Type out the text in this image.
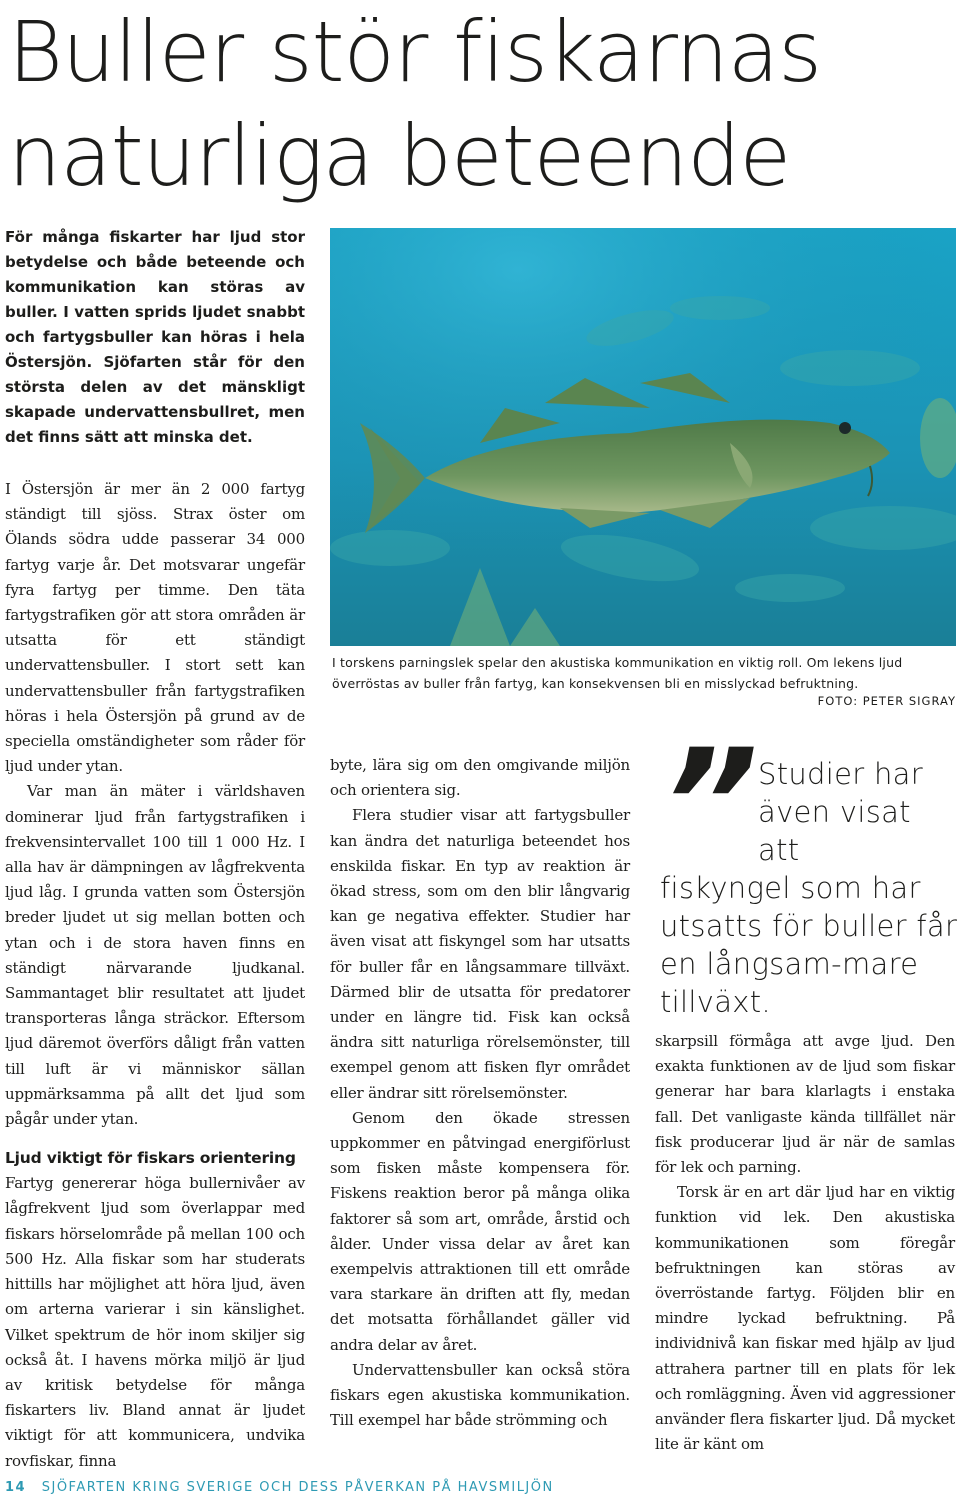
Buller stör fiskarnas naturliga beteende
För många fiskarter har ljud stor betydelse och både beteende och kommunikation kan störas av buller. I vatten sprids ljudet snabbt och fartygsbuller kan höras i hela Östersjön. Sjöfarten står för den största delen av det mänskligt skapade undervattensbullret, men det finns sätt att minska det.

I Östersjön är mer än 2 000 fartyg ständigt till sjöss. Strax öster om Ölands södra udde passerar 34 000 fartyg varje år. Det motsvarar ungefär fyra fartyg per timme. Den täta fartygstrafiken gör att stora områden är utsatta för ett ständigt undervattensbuller. I stort sett kan undervattensbuller från fartygstrafiken höras i hela Östersjön på grund av de speciella omständigheter som råder för ljud under ytan.

Var man än mäter i världshaven dominerar ljud från fartygstrafiken i frekvensintervallet 100 till 1 000 Hz. I alla hav är dämpningen av lågfrekventa ljud låg. I grunda vatten som Östersjön breder ljudet ut sig mellan botten och ytan och i de stora haven finns en ständigt närvarande ljudkanal. Sammantaget blir resultatet att ljudet transporteras långa sträckor. Eftersom ljud däremot överförs dåligt från vatten till luft är vi människor sällan uppmärksamma på allt det ljud som pågår under ytan.

Ljud viktigt för fiskars orientering

Fartyg genererar höga bullernivåer av lågfrekvent ljud som överlappar med fiskars hörselområde på mellan 100 och 500 Hz. Alla fiskar som har studerats hittills har möjlighet att höra ljud, även om arterna varierar i sin känslighet. Vilket spektrum de hör inom skiljer sig också åt. I havens mörka miljö är ljud av kritisk betydelse för många fiskarters liv. Bland annat är ljudet viktigt för att kommunicera, undvika rovfiskar, finna

I torskens parningslek spelar den akustiska kommunikation en viktig roll. Om lekens ljud överröstas av buller från fartyg, kan konsekvensen bli en misslyckad befruktning.
FOTO: PETER SIGRAY

byte, lära sig om den omgivande miljön och orientera sig.

Flera studier visar att fartygsbuller kan ändra det naturliga beteendet hos enskilda fiskar. En typ av reaktion är ökad stress, som om den blir långvarig kan ge negativa effekter. Studier har även visat att fiskyngel som har utsatts för buller får en långsammare tillväxt. Därmed blir de utsatta för predatorer under en längre tid. Fisk kan också ändra sitt naturliga rörelsemönster, till exempel genom att fisken flyr området eller ändrar sitt rörelsemönster.

Genom den ökade stressen uppkommer en påtvingad energiförlust som fisken måste kompensera för. Fiskens reaktion beror på många olika faktorer så som art, område, årstid och ålder. Under vissa delar av året kan exempelvis attraktionen till ett område vara starkare än driften att fly, medan det motsatta förhållandet gäller vid andra delar av året.

Undervattensbuller kan också störa fiskars egen akustiska kommunikation. Till exempel har både strömming och

” Studier har
även visat att
fiskyngel som har utsatts för buller får en långsam-mare tillväxt.

skarpsill förmåga att avge ljud. Den exakta funktionen av de ljud som fiskar generar har bara klarlagts i enstaka fall. Det vanligaste kända tillfället när fisk producerar ljud är när de samlas för lek och parning.

Torsk är en art där ljud har en viktig funktion vid lek. Den akustiska kommunikationen som föregår befruktningen kan störas av överröstande fartyg. Följden blir en mindre lyckad befruktning. På individnivå kan fiskar med hjälp av ljud attrahera partner till en plats för lek och romläggning. Även vid aggressioner använder flera fiskarter ljud. Då mycket lite är känt om

14 SJÖFARTEN KRING SVERIGE OCH DESS PÅVERKAN PÅ HAVSMILJÖN
